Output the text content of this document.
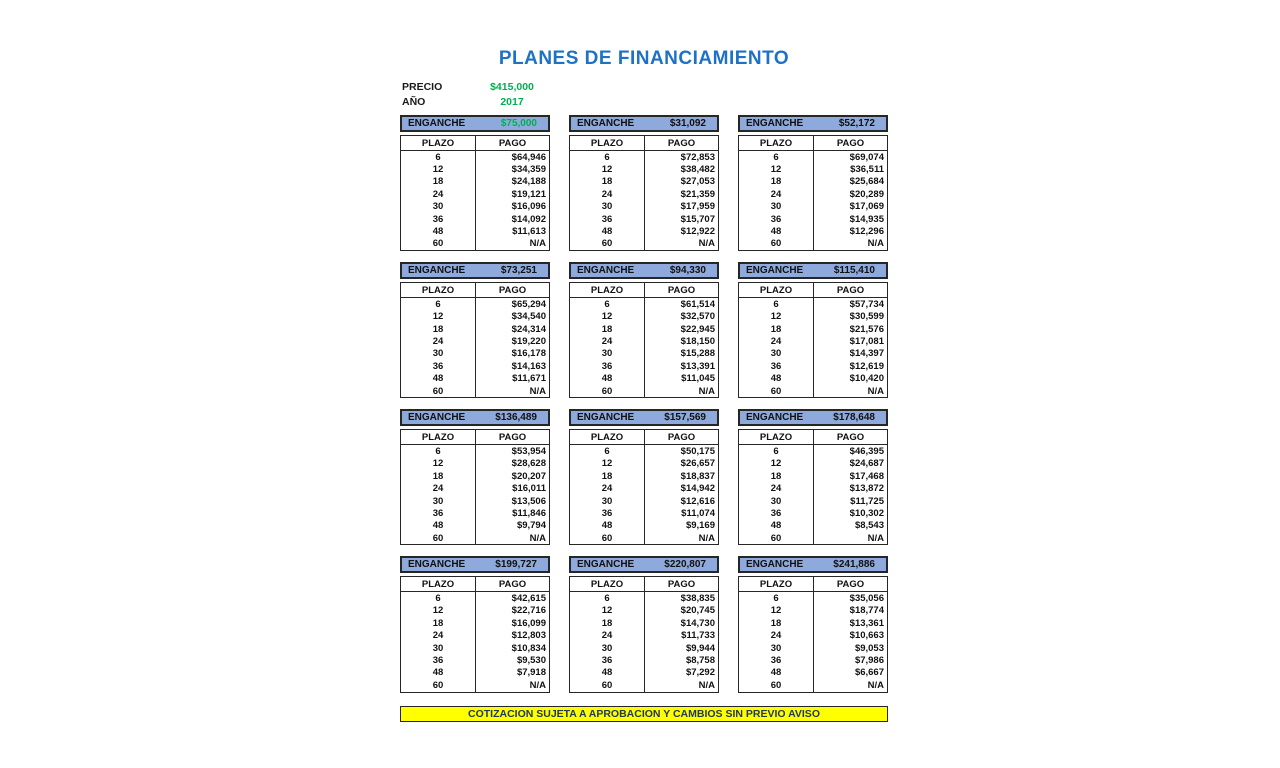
PLANES DE FINANCIAMIENTO
PRECIO	$415,000
AÑO	2017
ENGANCHE	$75,000
PLAZO	PAGO
6	$64,946
12	$34,359
18	$24,188
24	$19,121
30	$16,096
36	$14,092
48	$11,613
60	N/A
ENGANCHE	$31,092
PLAZO	PAGO
6	$72,853
12	$38,482
18	$27,053
24	$21,359
30	$17,959
36	$15,707
48	$12,922
60	N/A
ENGANCHE	$52,172
PLAZO	PAGO
6	$69,074
12	$36,511
18	$25,684
24	$20,289
30	$17,069
36	$14,935
48	$12,296
60	N/A
ENGANCHE	$73,251
PLAZO	PAGO
6	$65,294
12	$34,540
18	$24,314
24	$19,220
30	$16,178
36	$14,163
48	$11,671
60	N/A
ENGANCHE	$94,330
PLAZO	PAGO
6	$61,514
12	$32,570
18	$22,945
24	$18,150
30	$15,288
36	$13,391
48	$11,045
60	N/A
ENGANCHE	$115,410
PLAZO	PAGO
6	$57,734
12	$30,599
18	$21,576
24	$17,081
30	$14,397
36	$12,619
48	$10,420
60	N/A
ENGANCHE	$136,489
PLAZO	PAGO
6	$53,954
12	$28,628
18	$20,207
24	$16,011
30	$13,506
36	$11,846
48	$9,794
60	N/A
ENGANCHE	$157,569
PLAZO	PAGO
6	$50,175
12	$26,657
18	$18,837
24	$14,942
30	$12,616
36	$11,074
48	$9,169
60	N/A
ENGANCHE	$178,648
PLAZO	PAGO
6	$46,395
12	$24,687
18	$17,468
24	$13,872
30	$11,725
36	$10,302
48	$8,543
60	N/A
ENGANCHE	$199,727
PLAZO	PAGO
6	$42,615
12	$22,716
18	$16,099
24	$12,803
30	$10,834
36	$9,530
48	$7,918
60	N/A
ENGANCHE	$220,807
PLAZO	PAGO
6	$38,835
12	$20,745
18	$14,730
24	$11,733
30	$9,944
36	$8,758
48	$7,292
60	N/A
ENGANCHE	$241,886
PLAZO	PAGO
6	$35,056
12	$18,774
18	$13,361
24	$10,663
30	$9,053
36	$7,986
48	$6,667
60	N/A
COTIZACION SUJETA A APROBACION Y CAMBIOS SIN PREVIO AVISO
